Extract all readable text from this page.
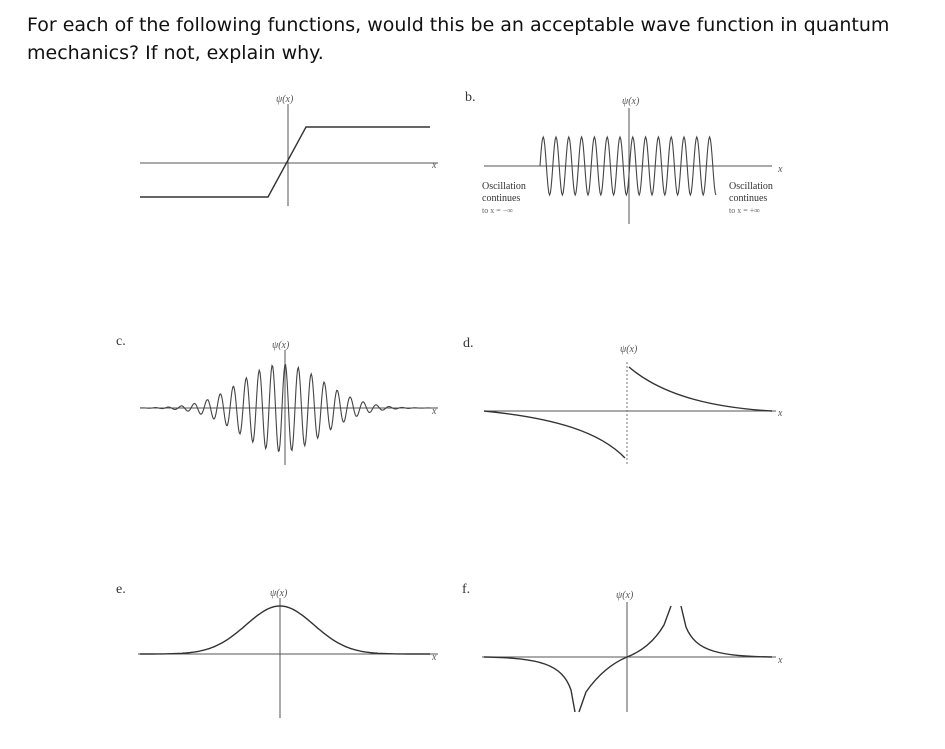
For each of the following functions, would this be an acceptable wave function in quantum mechanics? If not, explain why.

ψ(x)
x
b.	ψ(x)
x
Oscillation
continues
to x = −∞
Oscillation
continues
to x = +∞
c.	ψ(x)
x
d.	ψ(x)
x
e.	ψ(x)
x
f.	ψ(x)
x
